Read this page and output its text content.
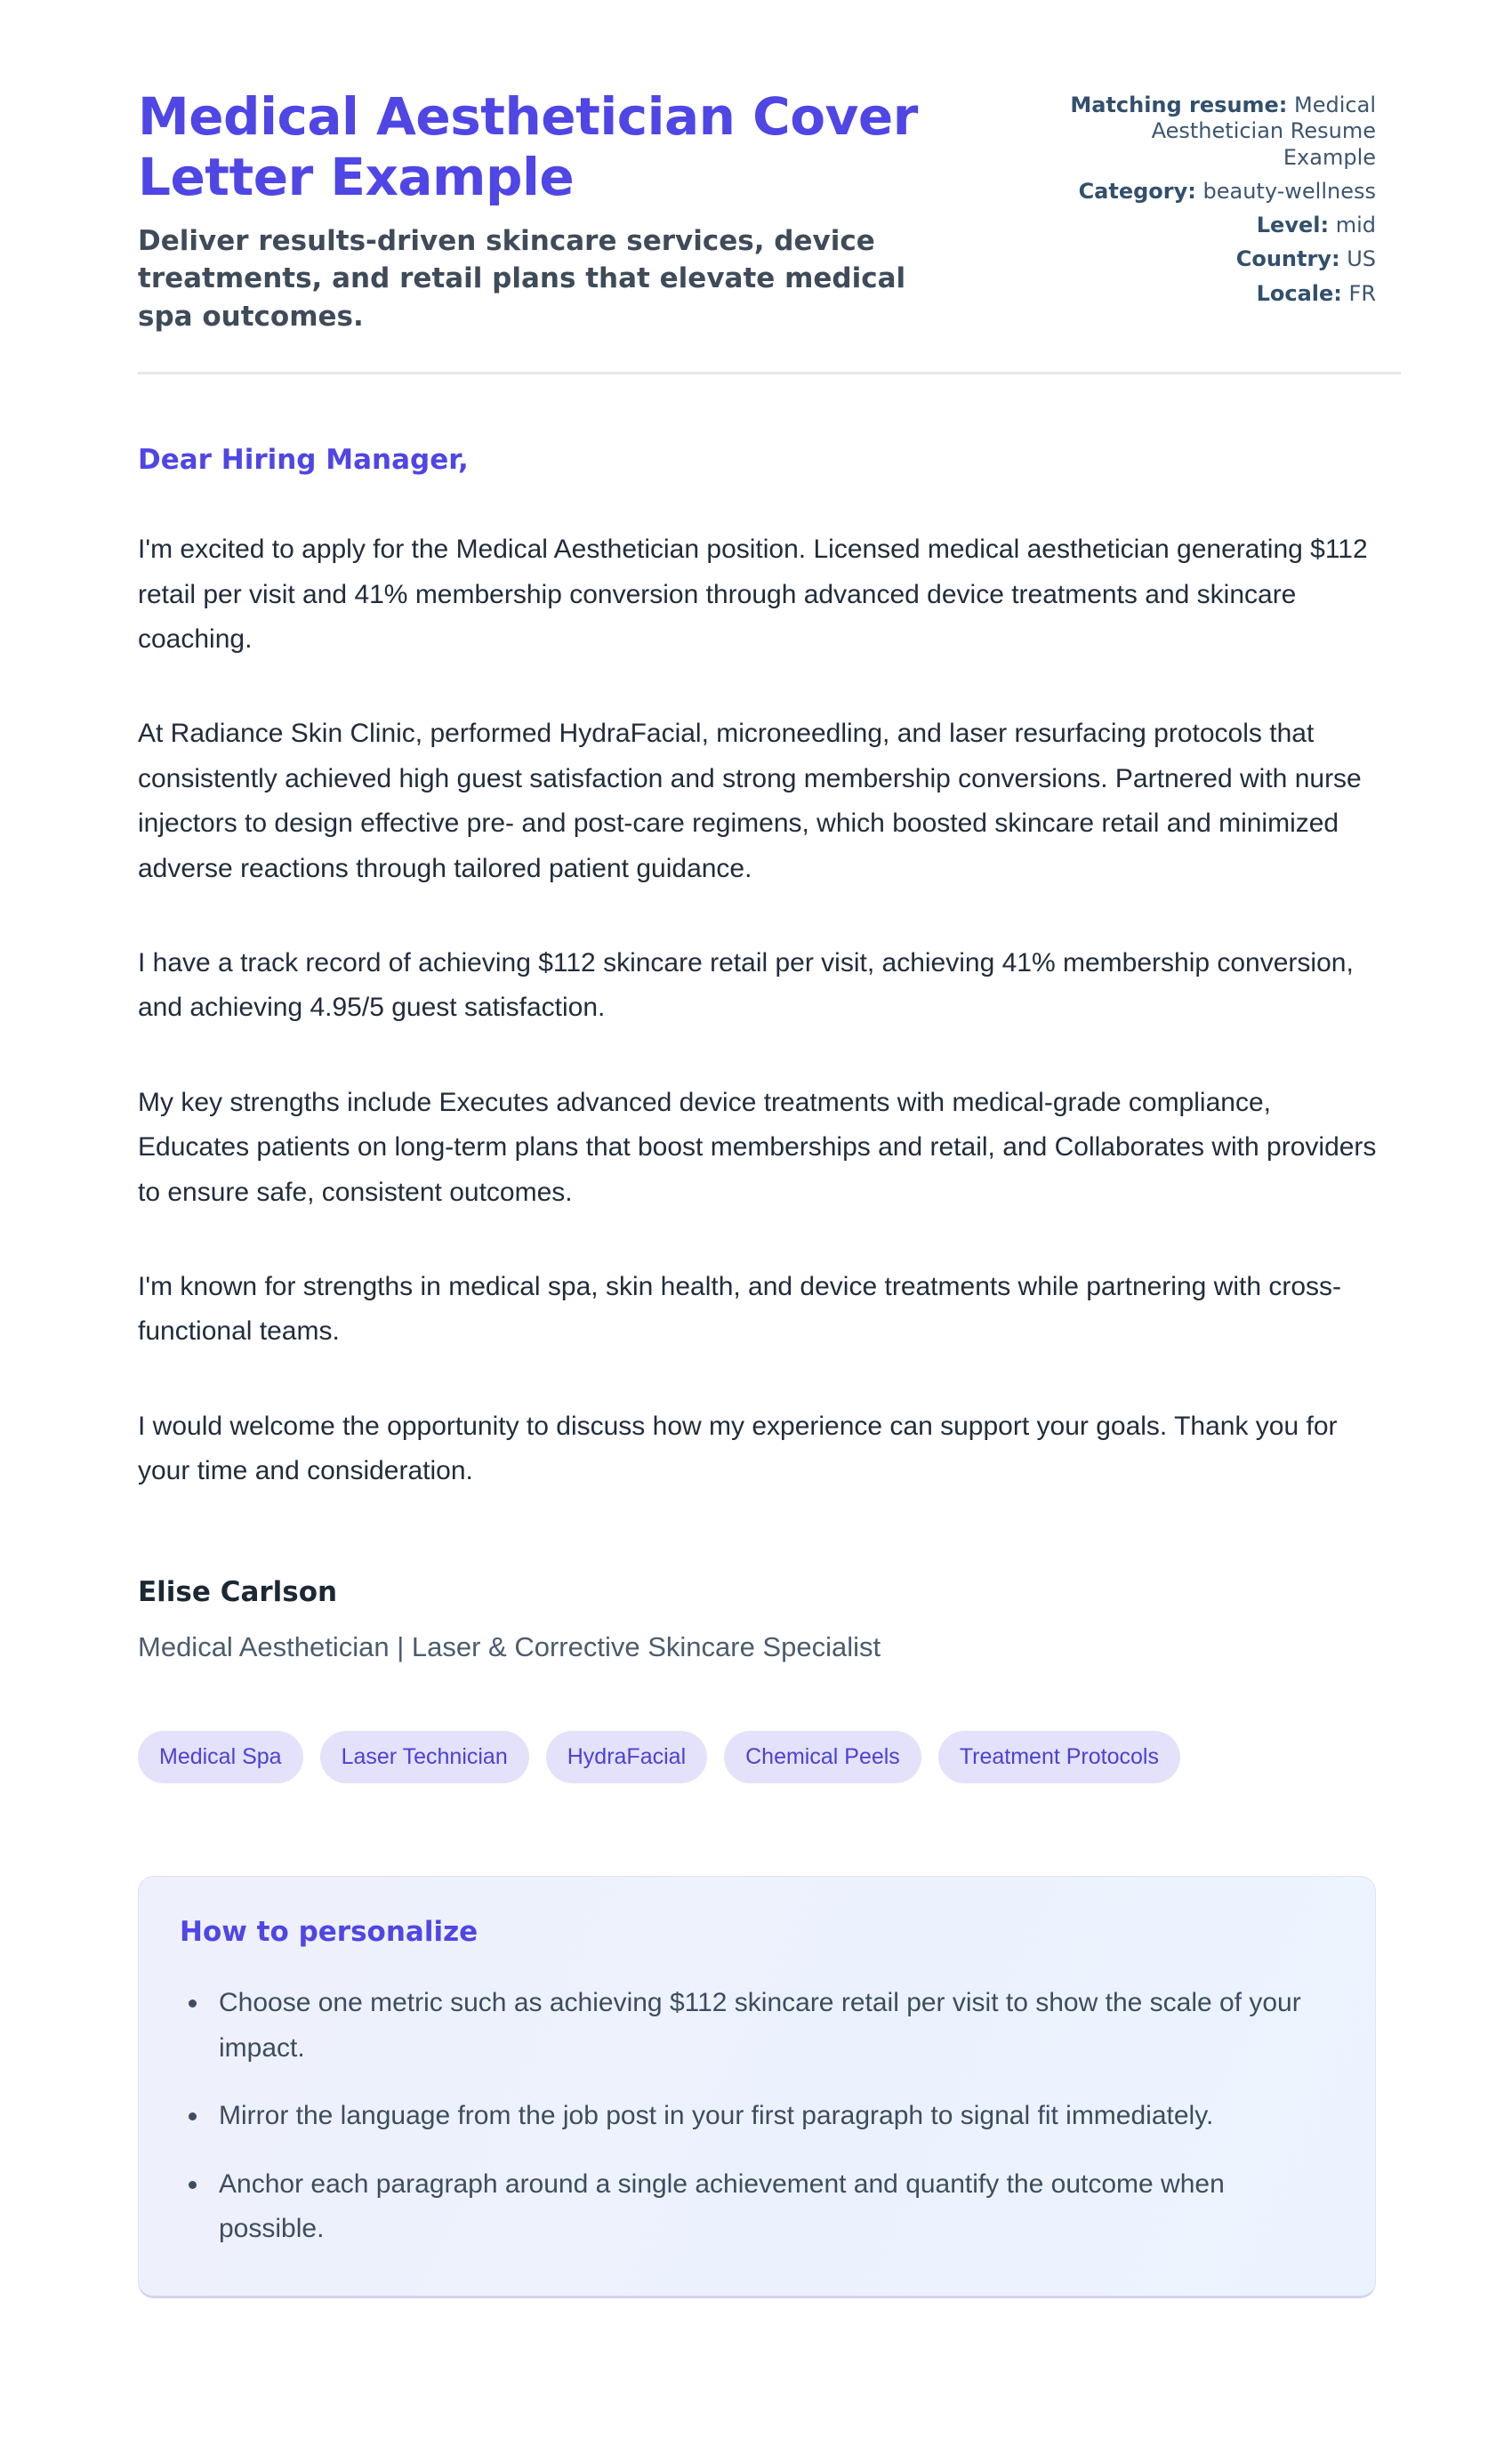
Medical Aesthetician Cover Letter Example

Deliver results-driven skincare services, device treatments, and retail plans that elevate medical spa outcomes.

Matching resume: Medical Aesthetician Resume Example
Category: beauty-wellness
Level: mid
Country: US
Locale: FR

Dear Hiring Manager,

I'm excited to apply for the Medical Aesthetician position. Licensed medical aesthetician generating $112 retail per visit and 41% membership conversion through advanced device treatments and skincare coaching.

At Radiance Skin Clinic, performed HydraFacial, microneedling, and laser resurfacing protocols that consistently achieved high guest satisfaction and strong membership conversions. Partnered with nurse injectors to design effective pre- and post-care regimens, which boosted skincare retail and minimized adverse reactions through tailored patient guidance.

I have a track record of achieving $112 skincare retail per visit, achieving 41% membership conversion, and achieving 4.95/5 guest satisfaction.

My key strengths include Executes advanced device treatments with medical-grade compliance, Educates patients on long-term plans that boost memberships and retail, and Collaborates with providers to ensure safe, consistent outcomes.

I'm known for strengths in medical spa, skin health, and device treatments while partnering with cross-functional teams.

I would welcome the opportunity to discuss how my experience can support your goals. Thank you for your time and consideration.

Elise Carlson

Medical Aesthetician | Laser & Corrective Skincare Specialist

Medical Spa	Laser Technician	HydraFacial	Chemical Peels	Treatment Protocols
How to personalize
• Choose one metric such as achieving $112 skincare retail per visit to show the scale of your impact.
• Mirror the language from the job post in your first paragraph to signal fit immediately.
• Anchor each paragraph around a single achievement and quantify the outcome when possible.
